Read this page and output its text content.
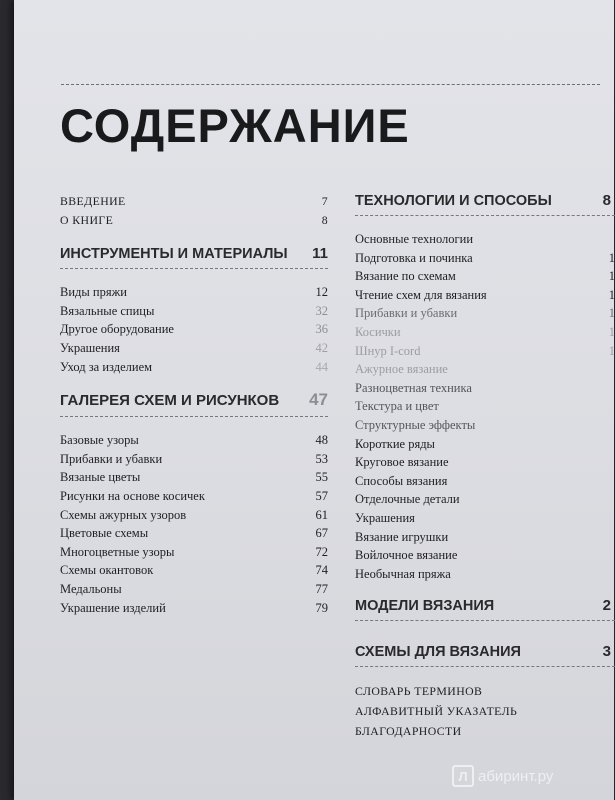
СОДЕРЖАНИЕ
ВВЕДЕНИЕ	7
О КНИГЕ	8
ИНСТРУМЕНТЫ И МАТЕРИАЛЫ 11
Виды пряжи	12
Вязальные спицы	32
Другое оборудование	36
Украшения	42
Уход за изделием	44
ГАЛЕРЕЯ СХЕМ И РИСУНКОВ 47
Базовые узоры	48
Прибавки и убавки	53
Вязаные цветы	55
Рисунки на основе косичек	57
Схемы ажурных узоров	61
Цветовые схемы	67
Многоцветные узоры	72
Схемы окантовок	74
Медальоны	77
Украшение изделий	79
ТЕХНОЛОГИИ И СПОСОБЫ	8
Основные технологии
Подготовка и починка	1
Вязание по схемам	1
Чтение схем для вязания	1
Прибавки и убавки	1
Косички	1
Шнур I-cord	1
Ажурное вязание
Разноцветная техника
Текстура и цвет
Структурные эффекты
Короткие ряды
Круговое вязание
Способы вязания
Отделочные детали
Украшения
Вязание игрушки
Войлочное вязание
Необычная пряжа
МОДЕЛИ ВЯЗАНИЯ	2
СХЕМЫ ДЛЯ ВЯЗАНИЯ	3
СЛОВАРЬ ТЕРМИНОВ
АЛФАВИТНЫЙ УКАЗАТЕЛЬ
БЛАГОДАРНОСТИ
Л абиринт.ру
